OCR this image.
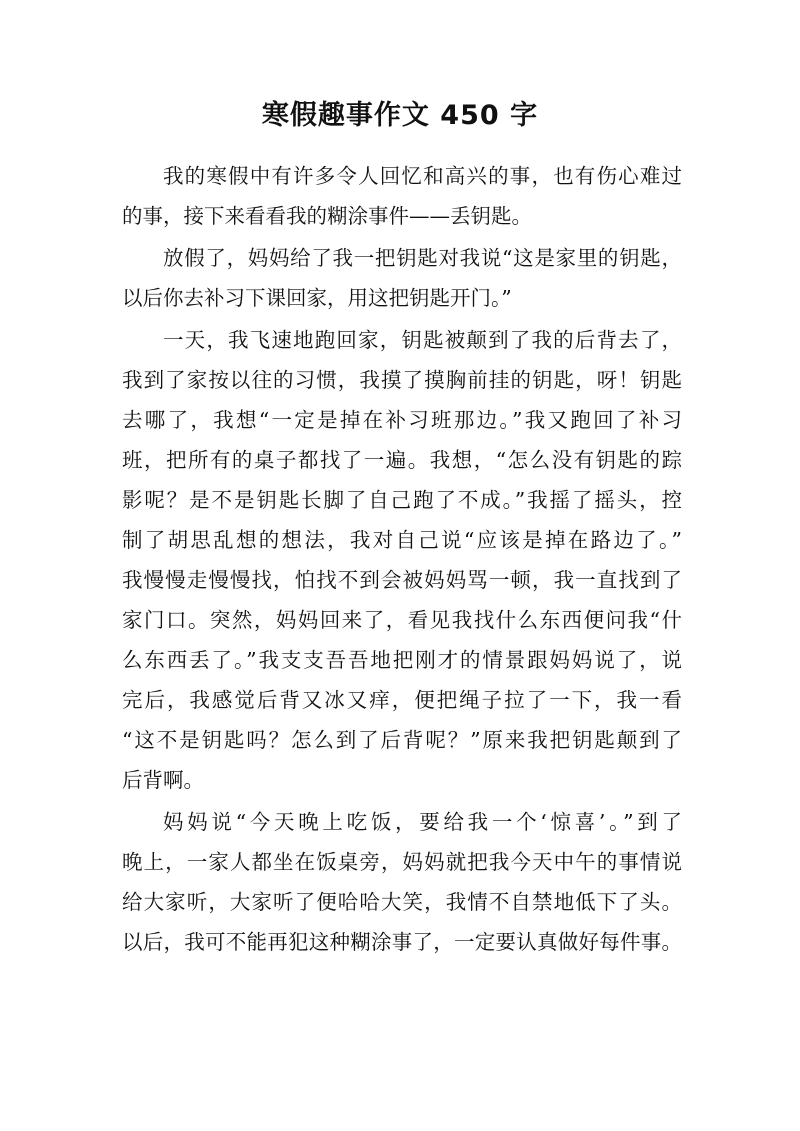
寒假趣事作文 450 字
我的寒假中有许多令人回忆和高兴的事，也有伤心难过
的事，接下来看看我的糊涂事件——丢钥匙。
放假了，妈妈给了我一把钥匙对我说“这是家里的钥匙，
以后你去补习下课回家，用这把钥匙开门。”
一天，我飞速地跑回家，钥匙被颠到了我的后背去了，
我到了家按以往的习惯，我摸了摸胸前挂的钥匙，呀！钥匙
去哪了，我想“一定是掉在补习班那边。”我又跑回了补习
班，把所有的桌子都找了一遍。我想，“怎么没有钥匙的踪
影呢？是不是钥匙长脚了自己跑了不成。”我摇了摇头，控
制了胡思乱想的想法，我对自己说“应该是掉在路边了。”
我慢慢走慢慢找，怕找不到会被妈妈骂一顿，我一直找到了
家门口。突然，妈妈回来了，看见我找什么东西便问我“什
么东西丢了。”我支支吾吾地把刚才的情景跟妈妈说了，说
完后，我感觉后背又冰又痒，便把绳子拉了一下，我一看
“这不是钥匙吗？怎么到了后背呢？”原来我把钥匙颠到了
后背啊。
妈妈说“今天晚上吃饭，要给我一个‘惊喜’。”到了
晚上，一家人都坐在饭桌旁，妈妈就把我今天中午的事情说
给大家听，大家听了便哈哈大笑，我情不自禁地低下了头。
以后，我可不能再犯这种糊涂事了，一定要认真做好每件事。
